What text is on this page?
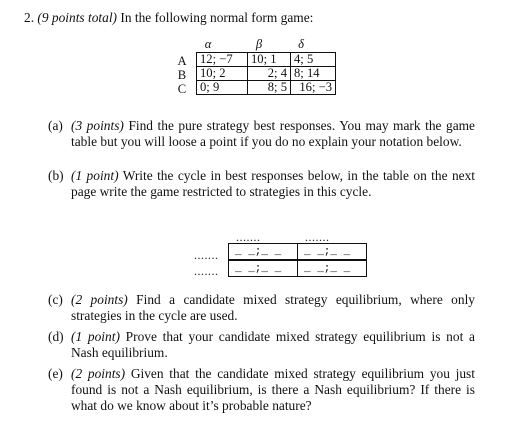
2. (9 points total) In the following normal form game:
α	β	δ
A
B
C
12; −7	10; 1	4; 5
10; 2	2; 4	8; 14
0; 9	8; 5	16; −3
(a) (3 points) Find the pure strategy best responses. You may mark the game table but you will loose a point if you do no explain your notation below.
(b) (1 point) Write the cycle in best responses below, in the table on the next page write the game restricted to strategies in this cycle.
.......	.......
.......
.......
_ _;_ _ _ _;_ _
_ _;_ _ _ _;_ _
(c) (2 points) Find a candidate mixed strategy equilibrium, where only strategies in the cycle are used.
(d) (1 point) Prove that your candidate mixed strategy equilibrium is not a Nash equilibrium.
(e) (2 points) Given that the candidate mixed strategy equilibrium you just found is not a Nash equilibrium, is there a Nash equilibrium? If there is what do we know about it’s probable nature?
